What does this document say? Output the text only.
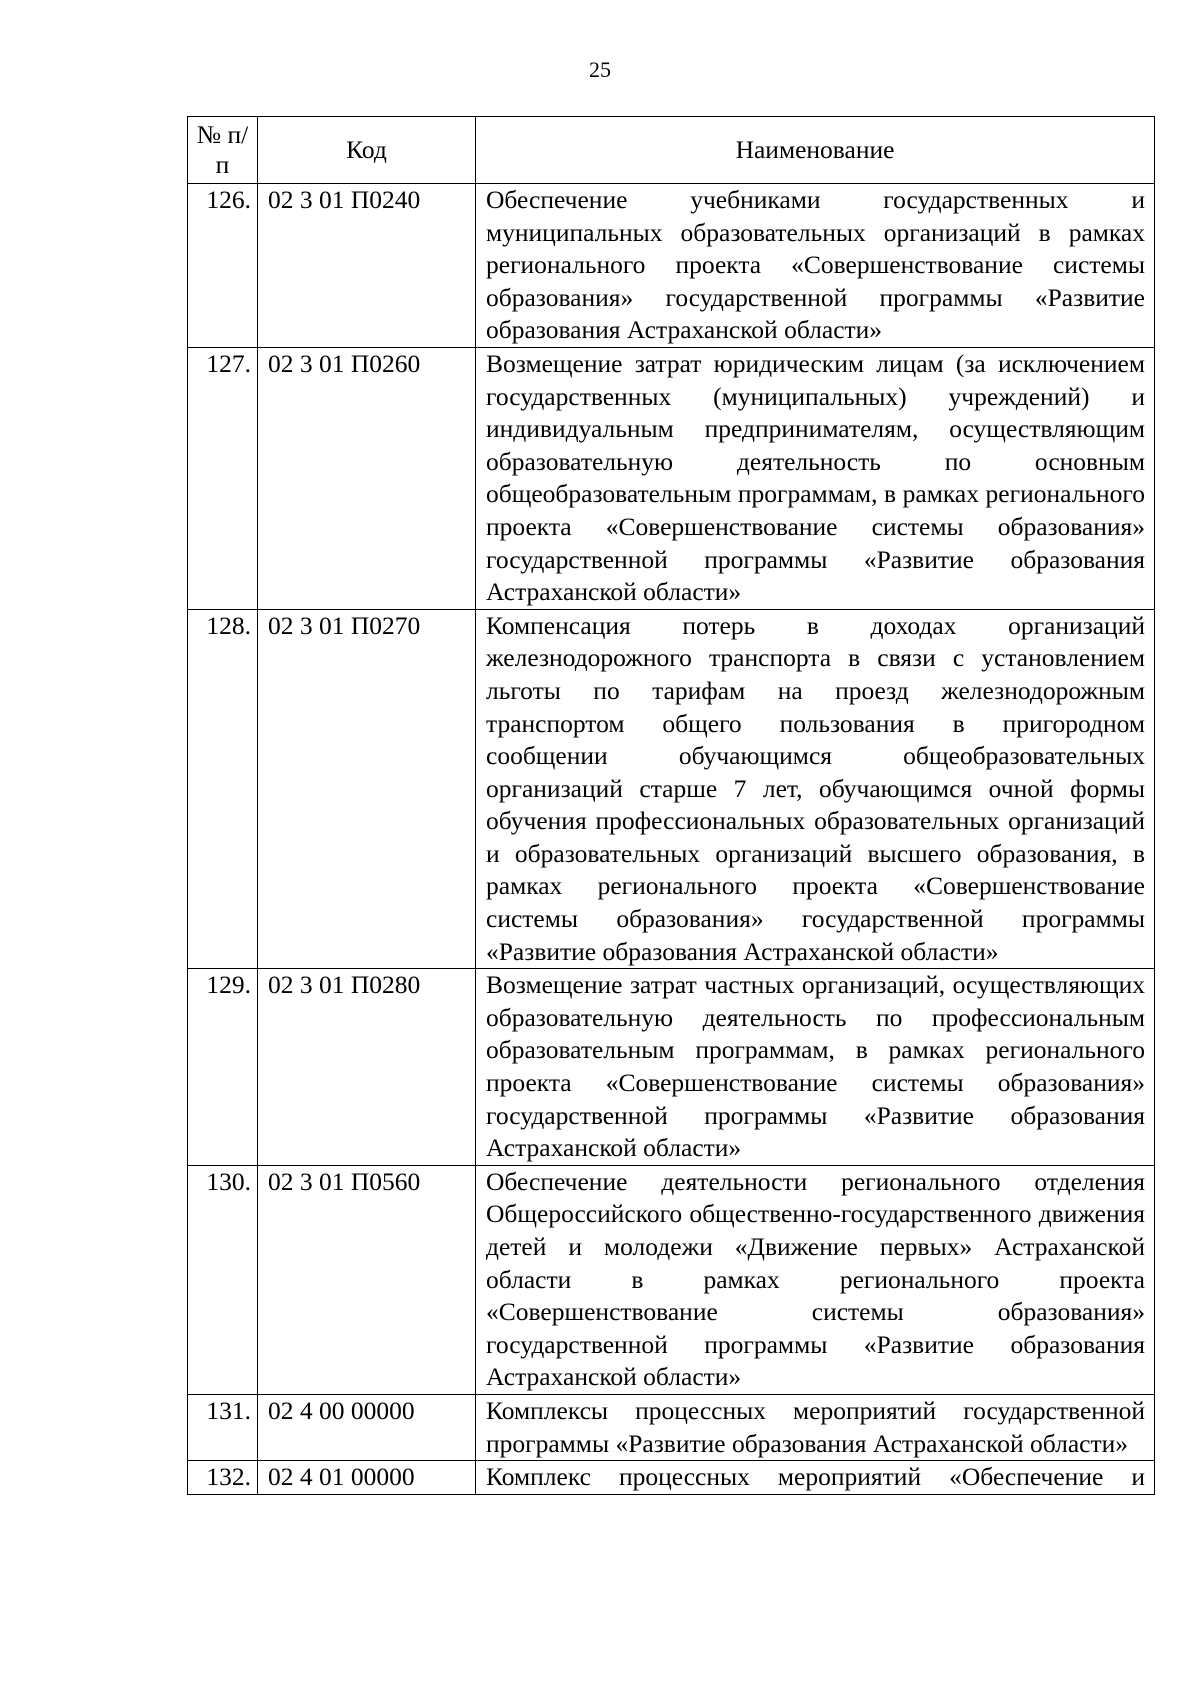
25
№ п/п	Код	Наименование
126.	02 3 01 П0240	Обеспечение учебниками государственных и муниципальных образовательных организаций в рамках регионального проекта «Совершенствование системы образования» государственной программы «Развитие образования Астраханской области»
127.	02 3 01 П0260	Возмещение затрат юридическим лицам (за исключением государственных (муниципальных) учреждений) и индивидуальным предпринимателям, осуществляющим образовательную деятельность по основным общеобразовательным программам, в рамках регионального проекта «Совершенствование системы образования» государственной программы «Развитие образования Астраханской области»
128.	02 3 01 П0270	Компенсация потерь в доходах организаций железнодорожного транспорта в связи с установлением льготы по тарифам на проезд железнодорожным транспортом общего пользования в пригородном сообщении обучающимся общеобразовательных организаций старше 7 лет, обучающимся очной формы обучения профессиональных образовательных организаций и образовательных организаций высшего образования, в рамках регионального проекта «Совершенствование системы образования» государственной программы «Развитие образования Астраханской области»
129.	02 3 01 П0280	Возмещение затрат частных организаций, осуществляющих образовательную деятельность по профессиональным образовательным программам, в рамках регионального проекта «Совершенствование системы образования» государственной программы «Развитие образования Астраханской области»
130.	02 3 01 П0560	Обеспечение деятельности регионального отделения Общероссийского общественно-государственного движения детей и молодежи «Движение первых» Астраханской области в рамках регионального проекта «Совершенствование системы образования» государственной программы «Развитие образования Астраханской области»
131.	02 4 00 00000	Комплексы процессных мероприятий государственной программы «Развитие образования Астраханской области»
132.	02 4 01 00000	Комплекс процессных мероприятий «Обеспечение и
